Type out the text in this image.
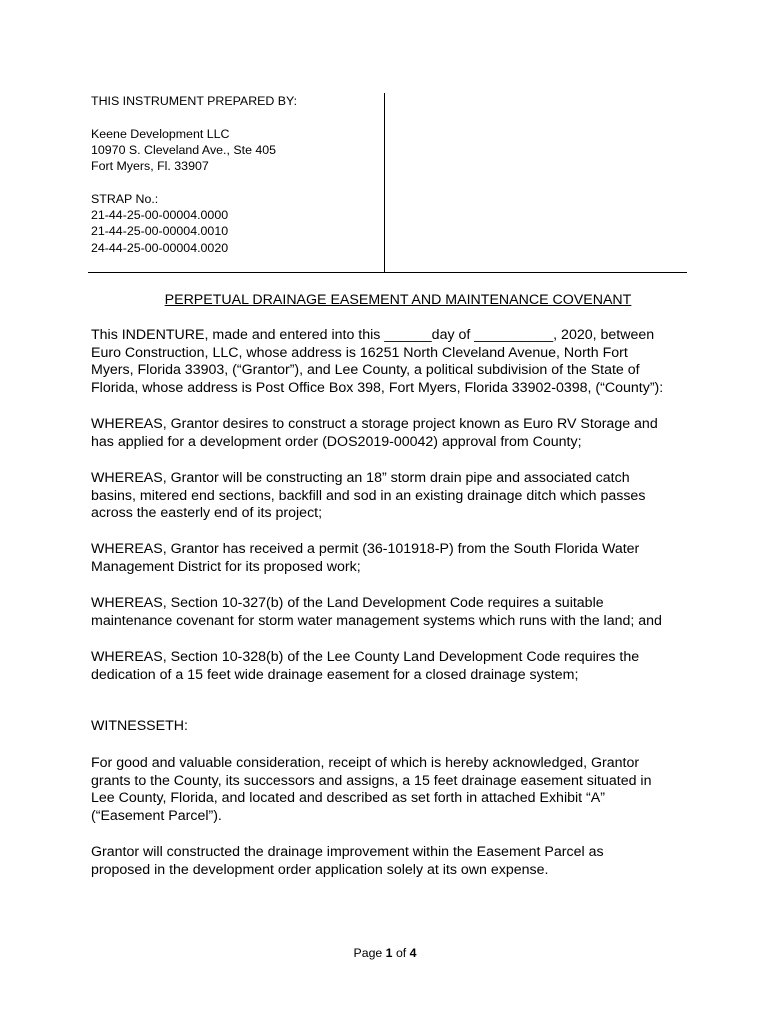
THIS INSTRUMENT PREPARED BY:
Keene Development LLC
10970 S. Cleveland Ave., Ste 405
Fort Myers, Fl. 33907
STRAP No.:
21-44-25-00-00004.0000
21-44-25-00-00004.0010
24-44-25-00-00004.0020
PERPETUAL DRAINAGE EASEMENT AND MAINTENANCE COVENANT
This INDENTURE, made and entered into this ______day of __________, 2020, between
Euro Construction, LLC, whose address is 16251 North Cleveland Avenue, North Fort
Myers, Florida 33903, (“Grantor”), and Lee County, a political subdivision of the State of
Florida, whose address is Post Office Box 398, Fort Myers, Florida 33902-0398, (“County”):
WHEREAS, Grantor desires to construct a storage project known as Euro RV Storage and
has applied for a development order (DOS2019-00042) approval from County;
WHEREAS, Grantor will be constructing an 18” storm drain pipe and associated catch
basins, mitered end sections, backfill and sod in an existing drainage ditch which passes
across the easterly end of its project;
WHEREAS, Grantor has received a permit (36-101918-P) from the South Florida Water
Management District for its proposed work;
WHEREAS, Section 10-327(b) of the Land Development Code requires a suitable
maintenance covenant for storm water management systems which runs with the land; and
WHEREAS, Section 10-328(b) of the Lee County Land Development Code requires the
dedication of a 15 feet wide drainage easement for a closed drainage system;
WITNESSETH:
For good and valuable consideration, receipt of which is hereby acknowledged, Grantor
grants to the County, its successors and assigns, a 15 feet drainage easement situated in
Lee County, Florida, and located and described as set forth in attached Exhibit “A”
(“Easement Parcel”).
Grantor will constructed the drainage improvement within the Easement Parcel as
proposed in the development order application solely at its own expense.
Page 1 of 4
